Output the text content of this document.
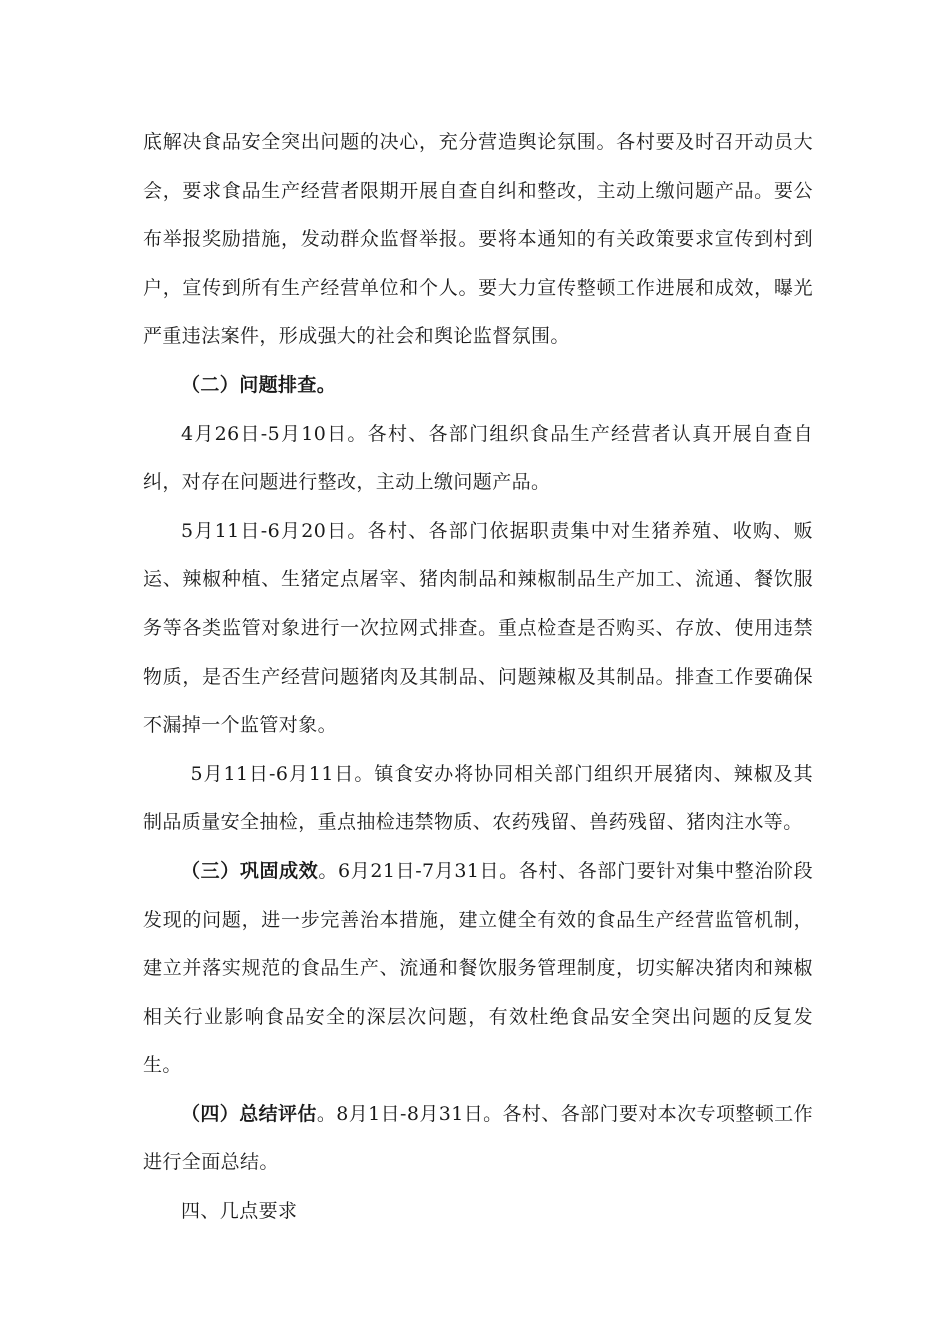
底解决食品安全突出问题的决心，充分营造舆论氛围。各村要及时召开动员大会，要求食品生产经营者限期开展自查自纠和整改，主动上缴问题产品。要公布举报奖励措施，发动群众监督举报。要将本通知的有关政策要求宣传到村到户，宣传到所有生产经营单位和个人。要大力宣传整顿工作进展和成效，曝光严重违法案件，形成强大的社会和舆论监督氛围。

（二）问题排查。

4月26日-5月10日。各村、各部门组织食品生产经营者认真开展自查自纠，对存在问题进行整改，主动上缴问题产品。

5月11日-6月20日。各村、各部门依据职责集中对生猪养殖、收购、贩运、辣椒种植、生猪定点屠宰、猪肉制品和辣椒制品生产加工、流通、餐饮服务等各类监管对象进行一次拉网式排查。重点检查是否购买、存放、使用违禁物质，是否生产经营问题猪肉及其制品、问题辣椒及其制品。排查工作要确保不漏掉一个监管对象。

5月11日-6月11日。镇食安办将协同相关部门组织开展猪肉、辣椒及其制品质量安全抽检，重点抽检违禁物质、农药残留、兽药残留、猪肉注水等。

（三）巩固成效。6月21日-7月31日。各村、各部门要针对集中整治阶段发现的问题，进一步完善治本措施，建立健全有效的食品生产经营监管机制，建立并落实规范的食品生产、流通和餐饮服务管理制度，切实解决猪肉和辣椒相关行业影响食品安全的深层次问题，有效杜绝食品安全突出问题的反复发生。

（四）总结评估。8月1日-8月31日。各村、各部门要对本次专项整顿工作进行全面总结。

四、几点要求
